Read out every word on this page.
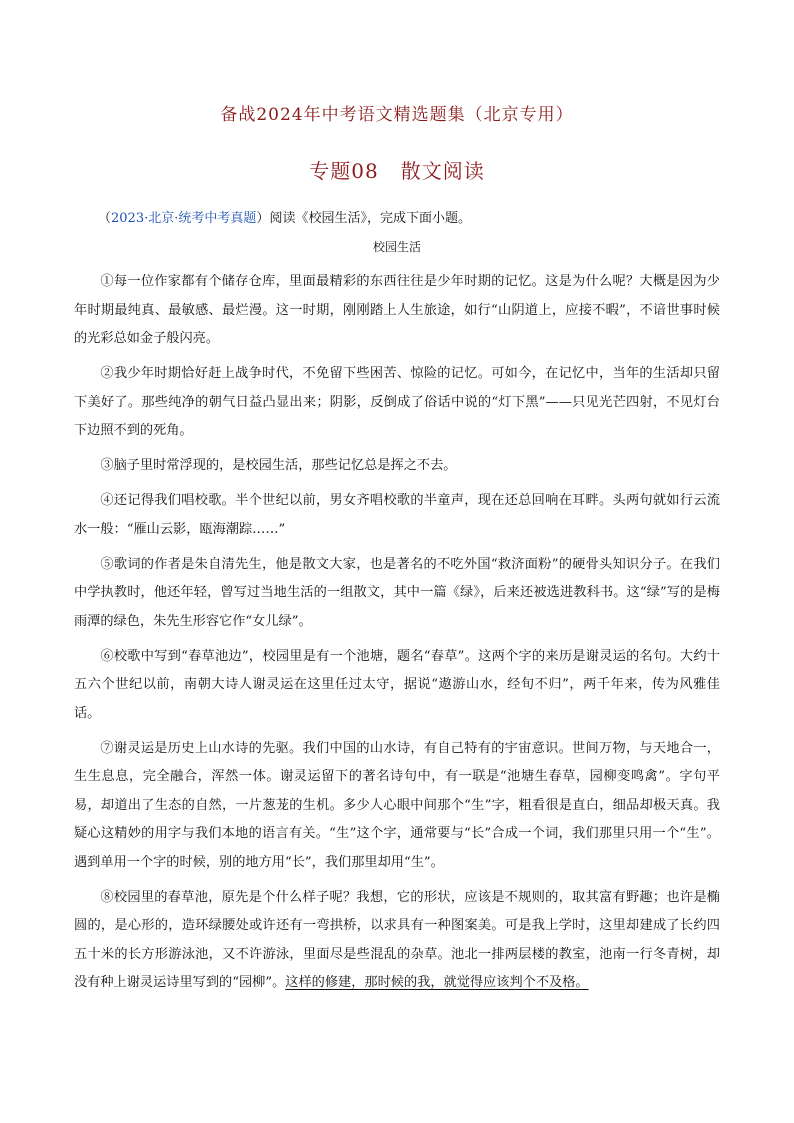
备战2024年中考语文精选题集（北京专用）
专题08 散文阅读
（2023·北京·统考中考真题）阅读《校园生活》，完成下面小题。
校园生活

①每一位作家都有个储存仓库，里面最精彩的东西往往是少年时期的记忆。这是为什么呢？大概是因为少年时期最纯真、最敏感、最烂漫。这一时期，刚刚踏上人生旅途，如行“山阴道上，应接不暇”，不谙世事时候的光彩总如金子般闪亮。

②我少年时期恰好赶上战争时代，不免留下些困苦、惊险的记忆。可如今，在记忆中，当年的生活却只留下美好了。那些纯净的朝气日益凸显出来；阴影，反倒成了俗话中说的“灯下黑”——只见光芒四射，不见灯台下边照不到的死角。

③脑子里时常浮现的，是校园生活，那些记忆总是挥之不去。

④还记得我们唱校歌。半个世纪以前，男女齐唱校歌的半童声，现在还总回响在耳畔。头两句就如行云流水一般：“雁山云影，瓯海潮踪……”

⑤歌词的作者是朱自清先生，他是散文大家，也是著名的不吃外国“救济面粉”的硬骨头知识分子。在我们中学执教时，他还年轻，曾写过当地生活的一组散文，其中一篇《绿》，后来还被选进教科书。这“绿”写的是梅雨潭的绿色，朱先生形容它作“女儿绿”。

⑥校歌中写到“春草池边”，校园里是有一个池塘，题名“春草”。这两个字的来历是谢灵运的名句。大约十五六个世纪以前，南朝大诗人谢灵运在这里任过太守，据说“遨游山水，经旬不归”，两千年来，传为风雅佳话。

⑦谢灵运是历史上山水诗的先驱。我们中国的山水诗，有自己特有的宇宙意识。世间万物，与天地合一，生生息息，完全融合，浑然一体。谢灵运留下的著名诗句中，有一联是“池塘生春草，园柳变鸣禽”。字句平易，却道出了生态的自然，一片葱茏的生机。多少人心眼中间那个“生”字，粗看很是直白，细品却极天真。我疑心这精妙的用字与我们本地的语言有关。“生”这个字，通常要与“长”合成一个词，我们那里只用一个“生”。遇到单用一个字的时候，别的地方用“长”，我们那里却用“生”。

⑧校园里的春草池，原先是个什么样子呢？我想，它的形状，应该是不规则的，取其富有野趣；也许是椭圆的，是心形的，造环绿腰处或许还有一弯拱桥，以求具有一种图案美。可是我上学时，这里却建成了长约四五十米的长方形游泳池，又不许游泳，里面尽是些混乱的杂草。池北一排两层楼的教室，池南一行冬青树，却没有种上谢灵运诗里写到的“园柳”。这样的修建，那时候的我，就觉得应该判个不及格。
